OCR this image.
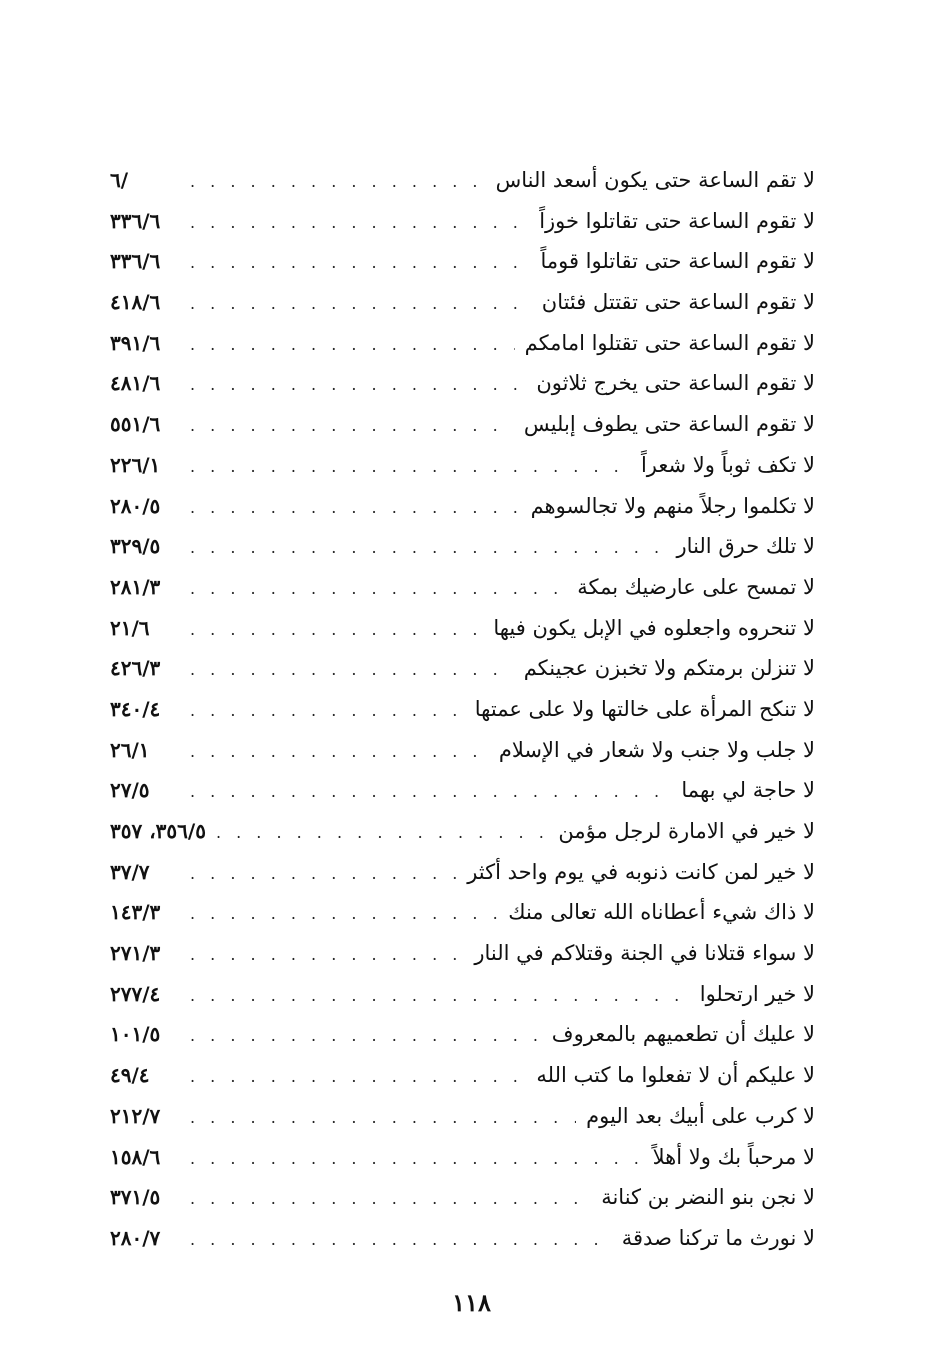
لا تقم الساعة حتى يكون أسعد الناس
. . .
/٦
لا تقوم الساعة حتى تقاتلوا خوزاً
. . .
٣٣٦/٦
لا تقوم الساعة حتى تقاتلوا قوماً
. . .
٣٣٦/٦
لا تقوم الساعة حتى تقتتل فئتان
. . .
٤١٨/٦
لا تقوم الساعة حتى تقتلوا امامكم
. . .
٣٩١/٦
لا تقوم الساعة حتى يخرج ثلاثون
. . .
٤٨١/٦
لا تقوم الساعة حتى يطوف إبليس
. . .
٥٥١/٦
لا تكف ثوباً ولا شعراً
. . .
٢٢٦/١
لا تكلموا رجلاً منهم ولا تجالسوهم
. . .
٢٨٠/٥
لا تلك حرق النار
. . .
٣٢٩/٥
لا تمسح على عارضيك بمكة
. . .
٢٨١/٣
لا تنحروه واجعلوه في الإبل يكون فيها
. . .
٢١/٦
لا تنزلن برمتكم ولا تخبزن عجينكم
. . .
٤٢٦/٣
لا تنكح المرأة على خالتها ولا على عمتها
. . .
٣٤٠/٤
لا جلب ولا جنب ولا شعار في الإسلام
. . .
٢٦/١
لا حاجة لي بهما
. . .
٢٧/٥
لا خير في الامارة لرجل مؤمن
. . .
٣٥٦/٥، ٣٥٧
لا خير لمن كانت ذنوبه في يوم واحد أكثر
. . .
٣٧/٧
لا ذاك شيء أعطاناه الله تعالى منك
. . .
١٤٣/٣
لا سواء قتلانا في الجنة وقتلاكم في النار
. . .
٢٧١/٣
لا خير ارتحلوا
. . .
٢٧٧/٤
لا عليك أن تطعميهم بالمعروف
. . .
١٠١/٥
لا عليكم أن لا تفعلوا ما كتب الله
. . .
٤٩/٤
لا كرب على أبيك بعد اليوم
. . .
٢١٢/٧
لا مرحباً بك ولا أهلاً
. . .
١٥٨/٦
لا نجن بنو النضر بن كنانة
. . .
٣٧١/٥
لا نورث ما تركنا صدقة
. . .
٢٨٠/٧
١١٨
